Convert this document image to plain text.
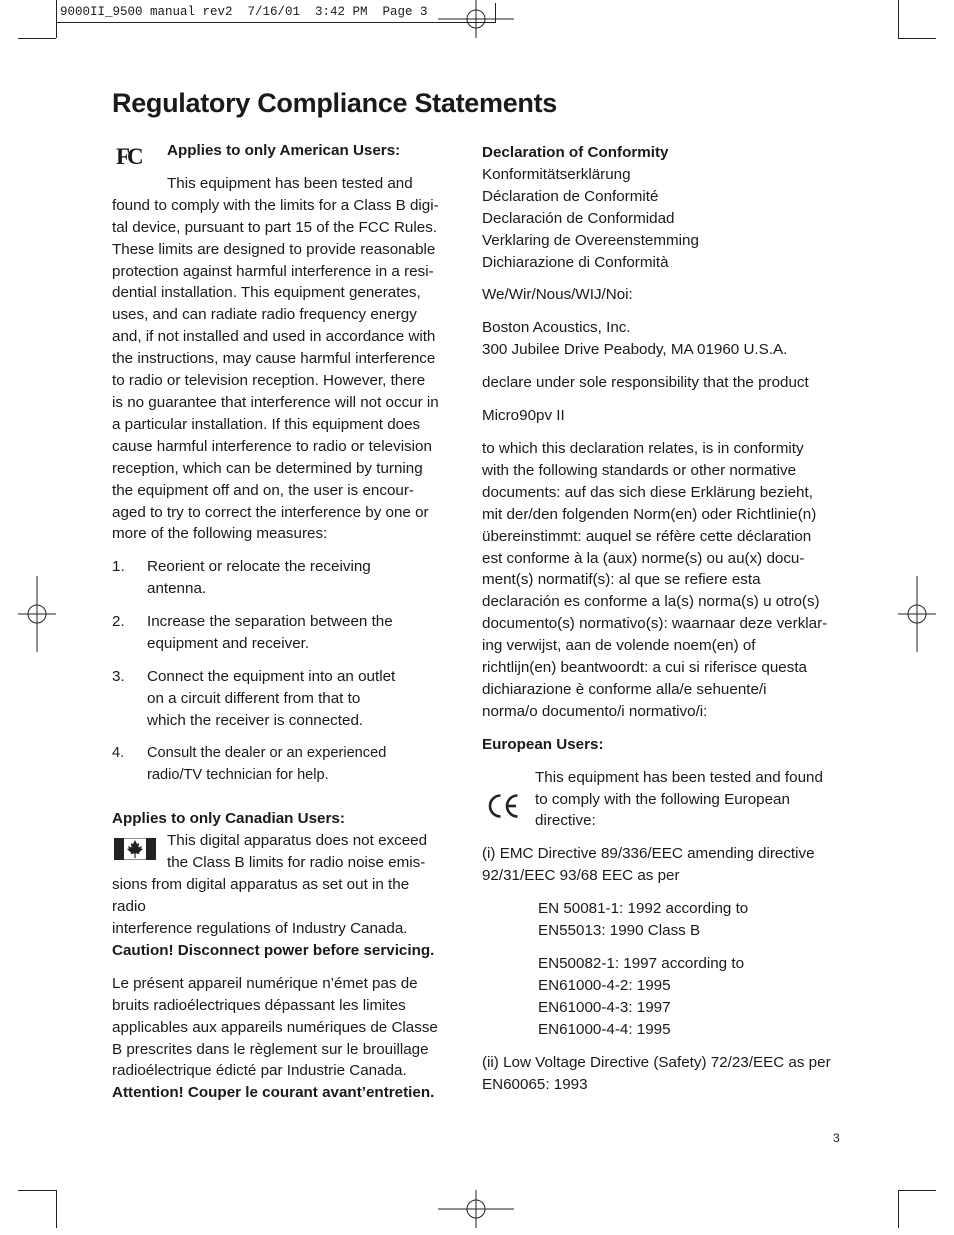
9000II_9500 manual rev2  7/16/01  3:42 PM  Page 3
Regulatory Compliance Statements
FC	Applies to only American Users:

This equipment has been tested and

found to comply with the limits for a Class B digi-

tal device, pursuant to part 15 of the FCC Rules.

These limits are designed to provide reasonable

protection against harmful interference in a resi-

dential installation. This equipment generates,

uses, and can radiate radio frequency energy

and, if not installed and used in accordance with

the instructions, may cause harmful interference

to radio or television reception. However, there

is no guarantee that interference will not occur in

a particular installation. If this equipment does

cause harmful interference to radio or television

reception, which can be determined by turning

the equipment off and on, the user is encour-

aged to try to correct the interference by one or

more of the following measures:

1.	Reorient or relocate the receiving

antenna.

2.	Increase the separation between the

equipment and receiver.

3.	Connect the equipment into an outlet

on a circuit different from that to

which the receiver is connected.

4.	Consult the dealer or an experienced

radio/TV technician for help.

Applies to only Canadian Users:

This digital apparatus does not exceed

the Class B limits for radio noise emis-

sions from digital apparatus as set out in the

radio

interference regulations of Industry Canada.

Caution! Disconnect power before servicing.

Le présent appareil numérique n’émet pas de

bruits radioélectriques dépassant les limites

applicables aux appareils numériques de Classe

B prescrites dans le règlement sur le brouillage

radioélectrique édicté par Industrie Canada.

Attention! Couper le courant avant’entretien.

Declaration of Conformity

Konformitätserklärung

Déclaration de Conformité

Declaración de Conformidad

Verklaring de Overeenstemming

Dichiarazione di Conformità

We/Wir/Nous/WIJ/Noi:

Boston Acoustics, Inc.

300 Jubilee Drive Peabody, MA 01960 U.S.A.

declare under sole responsibility that the product

Micro90pv II

to which this declaration relates, is in conformity

with the following standards or other normative

documents: auf das sich diese Erklärung bezieht,

mit der/den folgenden Norm(en) oder Richtlinie(n)

übereinstimmt: auquel se réfère cette déclaration

est conforme à la (aux) norme(s) ou au(x) docu-

ment(s) normatif(s): al que se refiere esta

declaración es conforme a la(s) norma(s) u otro(s)

documento(s) normativo(s): waarnaar deze verklar-

ing verwijst, aan de volende noem(en) of

richtlijn(en) beantwoordt: a cui si riferisce questa

dichiarazione è conforme alla/e sehuente/i

norma/o documento/i normativo/i:

European Users:

This equipment has been tested and found

to comply with the following European

directive:

(i) EMC Directive 89/336/EEC amending directive

92/31/EEC 93/68 EEC as per

EN 50081-1: 1992 according to

EN55013: 1990 Class B

EN50082-1: 1997 according to

EN61000-4-2: 1995

EN61000-4-3: 1997

EN61000-4-4: 1995

(ii) Low Voltage Directive (Safety) 72/23/EEC as per

EN60065: 1993

3
